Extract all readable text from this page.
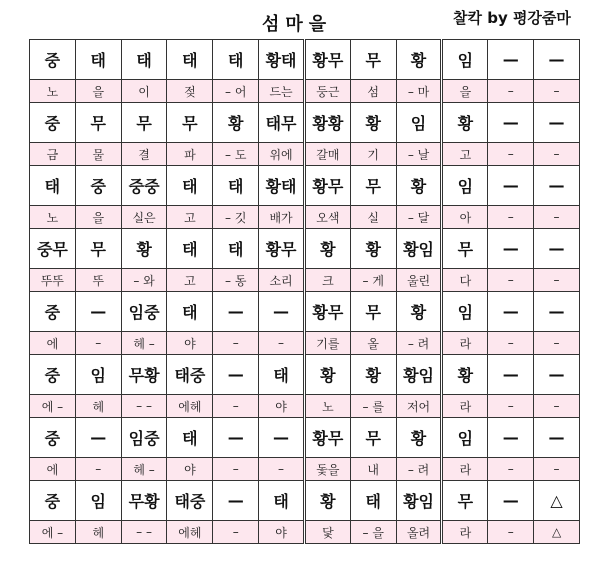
섬마을	찰칵 by 평강줌마
중	태	태	태	태	황태	황무	무	황	임	—	—
노	을	이	젖	– 어	드는	둥근	섬	– 마	을	–	–
중	무	무	무	황	태무	황황	황	임	황	—	—
금	물	결	파	– 도	위에	갈매	기	– 날	고	–	–
태	중	중중	태	태	황태	황무	무	황	임	—	—
노	을	실은	고	– 깃	배가	오색	실	– 달	아	–	–
중무	무	황	태	태	황무	황	황	황임	무	—	—
뚜뚜	뚜	– 와	고	– 동	소리	크	– 게	울린	다	–	–
중	—	임중	태	—	—	황무	무	황	임	—	—
에	–	헤 –	야	–	–	기를	올	– 려	라	–	–
중	임	무황	태중	—	태	황	황	황임	황	—	—
에 –	헤	– –	에헤	–	야	노	– 를	저어	라	–	–
중	—	임중	태	—	—	황무	무	황	임	—	—
에	–	헤 –	야	–	–	돛을	내	– 려	라	–	–
중	임	무황	태중	—	태	황	태	황임	무	—	△
에 –	헤	– –	에헤	–	야	닻	– 을	올려	라	–	△
